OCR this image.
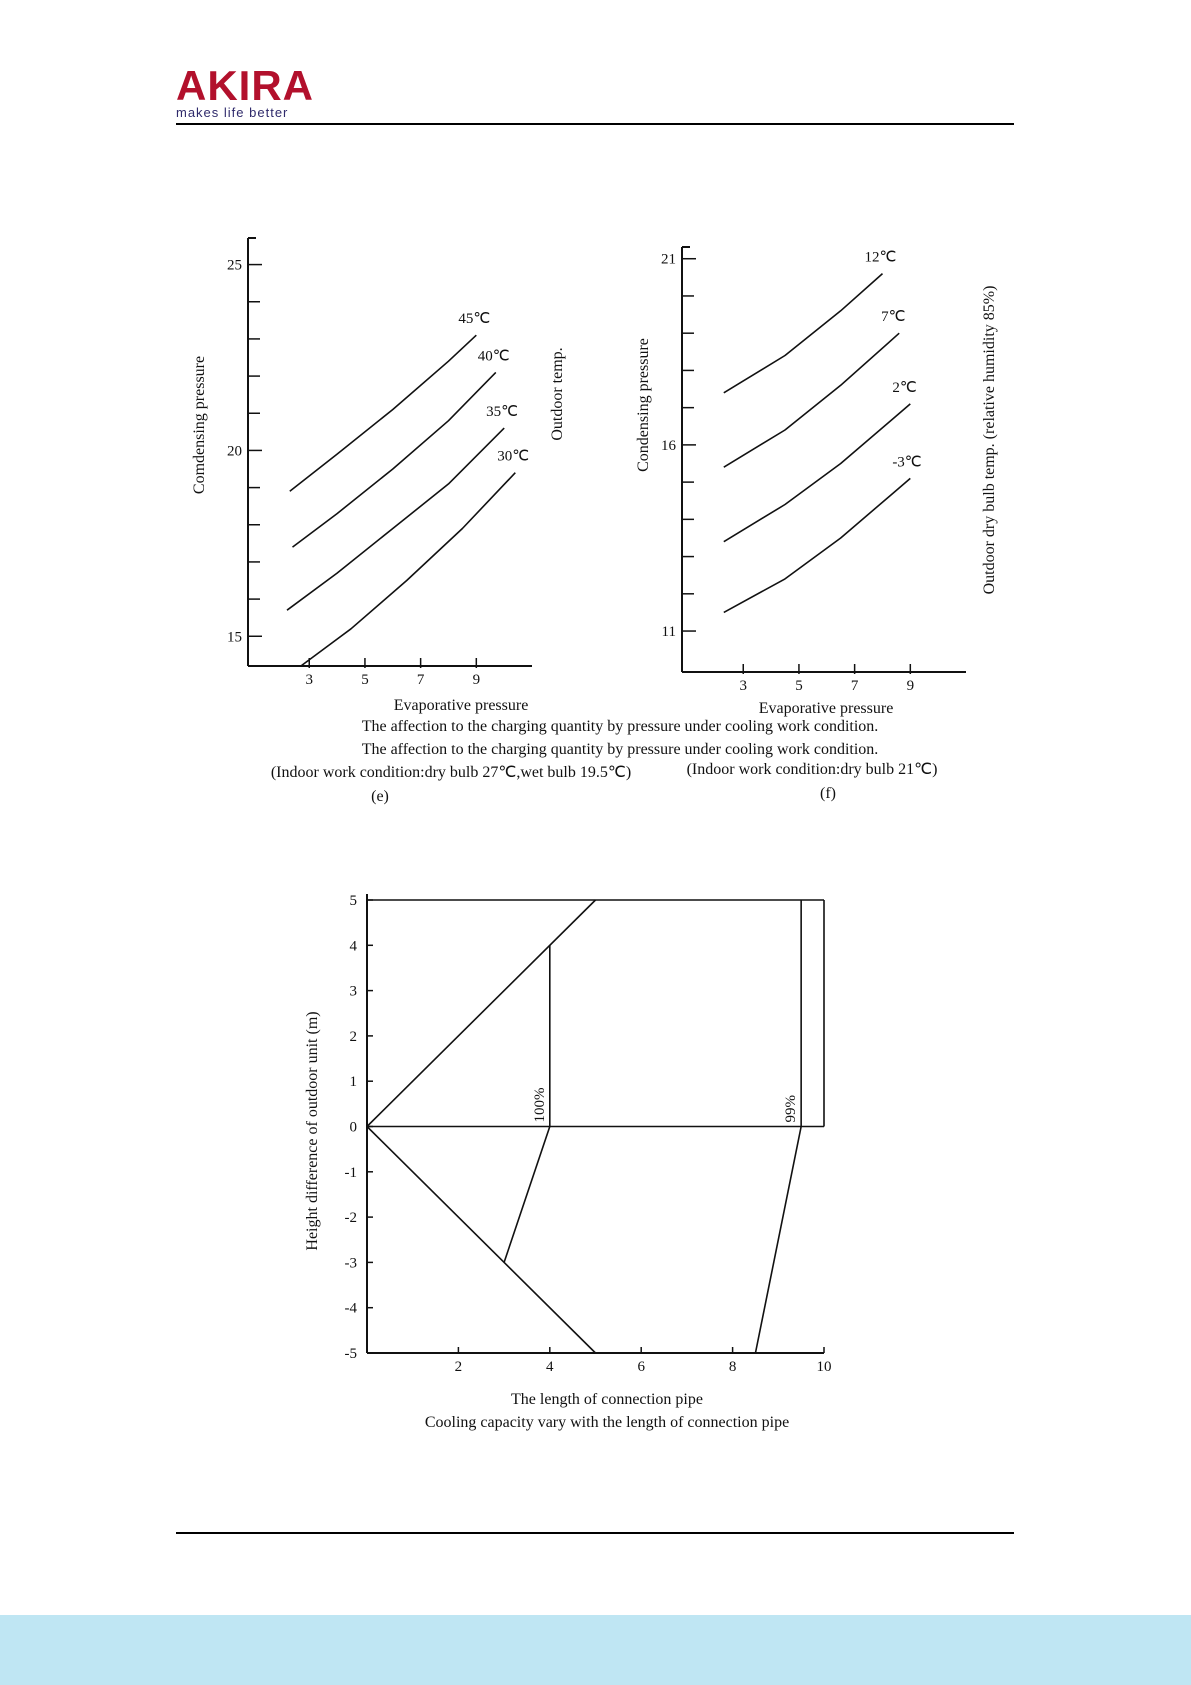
AKIRA
makes life better
3	5	7	9
15
20
25
45℃
40℃
35℃
30℃
Evaporative pressure
Comdensing pressure	Outdoor temp.
3	5	7	9
11
16
21	12℃
7℃
2℃
-3℃
Evaporative pressure
Condensing pressure	Outdoor dry bulb temp. (relative humidity 85%)
The affection to the charging quantity by pressure under cooling work condition.
The affection to the charging quantity by pressure under cooling work condition.
(Indoor work condition:dry bulb 27℃,wet bulb 19.5℃)	(Indoor work condition:dry bulb 21℃)
(e)	(f)
2	4	6	8	10
5
4
3
2
1
0
-1
-2
-3
-4
-5
100%	99%
The length of connection pipe
Cooling capacity vary with the length of connection pipe
Height difference of outdoor unit (m)
